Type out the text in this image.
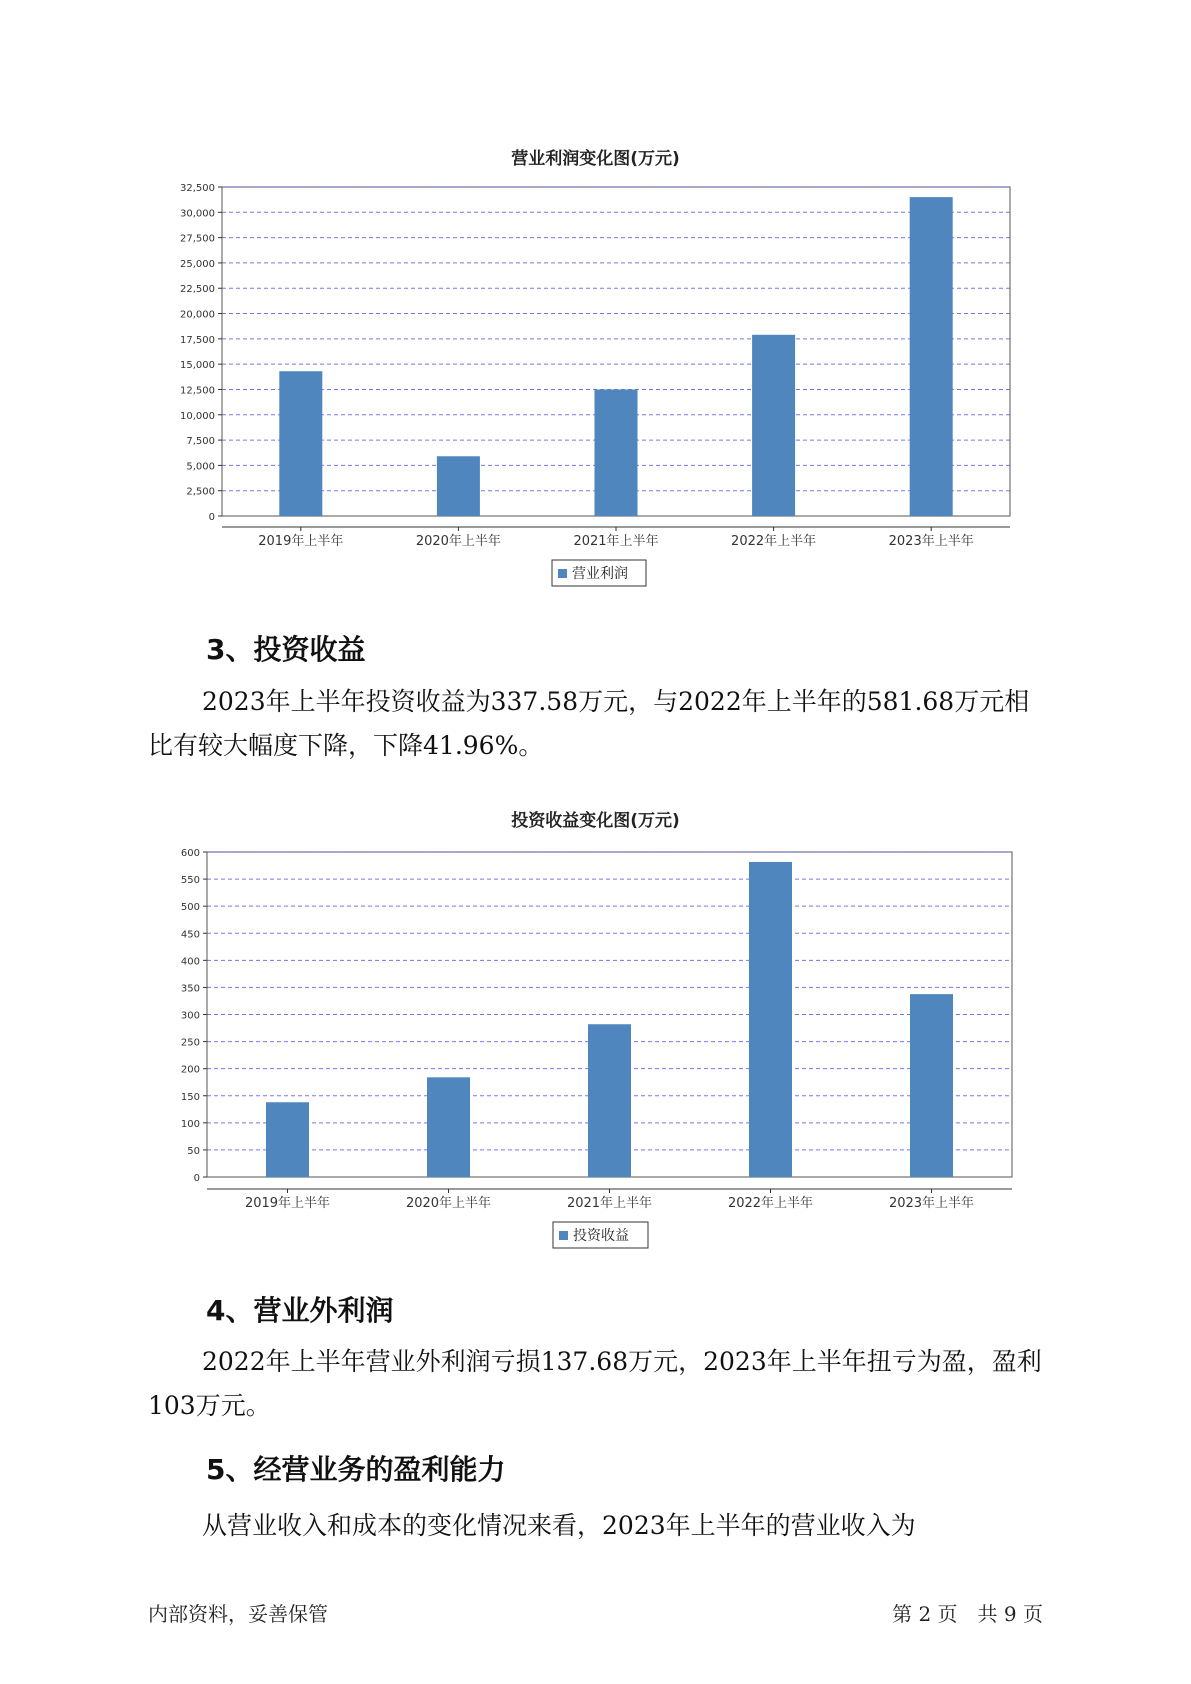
营业利润变化图(万元)
0
2,500
5,000
7,500
10,000
12,500
15,000
17,500
20,000
22,500
25,000
27,500
30,000
32,500
2019年上半年	2020年上半年	2021年上半年	2022年上半年	2023年上半年
营业利润
3、投资收益

2023年上半年投资收益为337.58万元，与2022年上半年的581.68万元相比有较大幅度下降，下降41.96%。

投资收益变化图(万元)
0
50
100
150
200
250
300
350
400
450
500
550
600
2019年上半年	2020年上半年	2021年上半年	2022年上半年	2023年上半年
投资收益
4、营业外利润

2022年上半年营业外利润亏损137.68万元，2023年上半年扭亏为盈，盈利103万元。

5、经营业务的盈利能力

从营业收入和成本的变化情况来看，2023年上半年的营业收入为

内部资料，妥善保管	第 2 页　共 9 页
